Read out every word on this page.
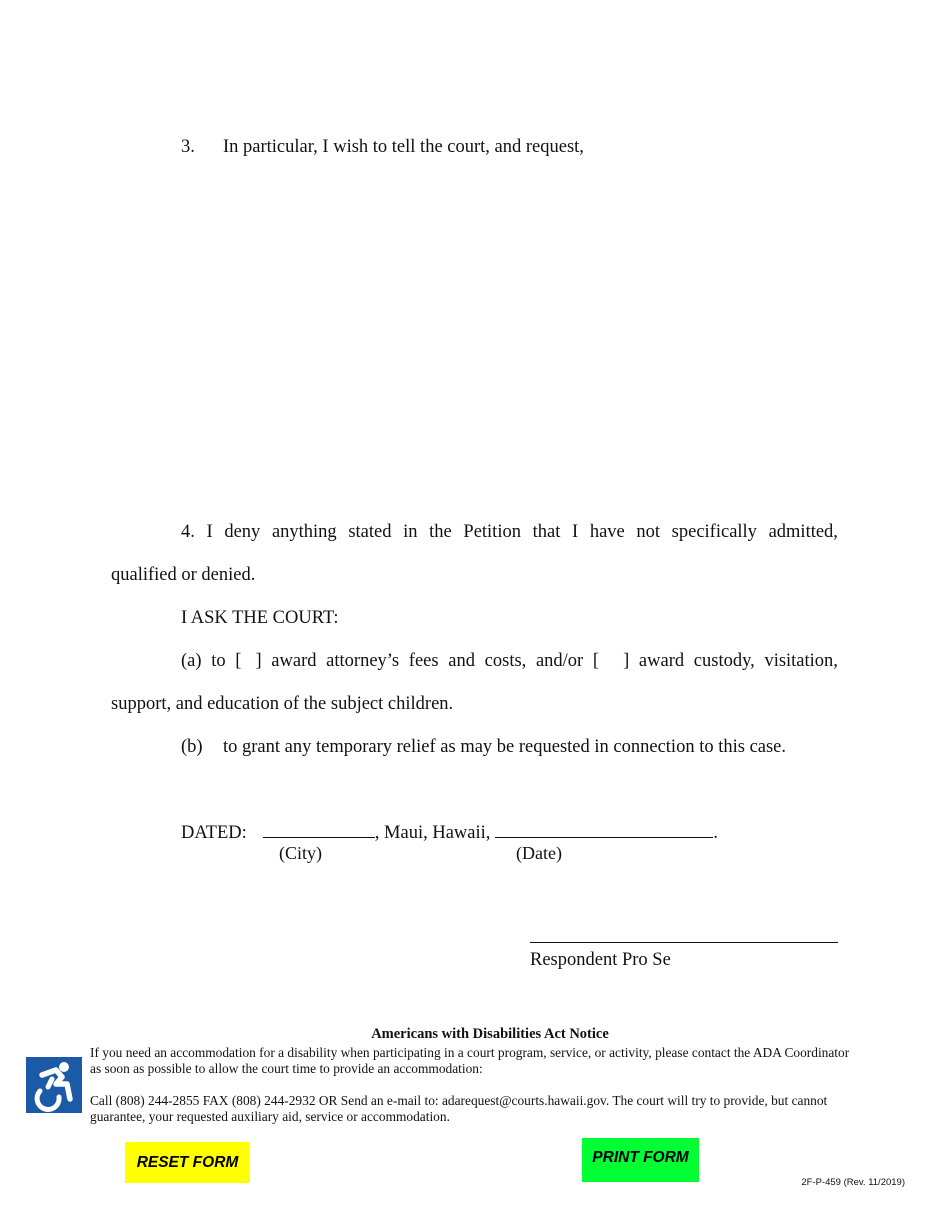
3. In particular, I wish to tell the court, and request,
4. I deny anything stated in the Petition that I have not specifically admitted,
qualified or denied.
I ASK THE COURT:
(a) to [ ] award attorney’s fees and costs, and/or [ ] award custody, visitation,
support, and education of the subject children.
(b) to grant any temporary relief as may be requested in connection to this case.
DATED:	, Maui, Hawaii,	.
(City)	(Date)
Respondent Pro Se
Americans with Disabilities Act Notice
If you need an accommodation for a disability when participating in a court program, service, or activity, please contact the ADA Coordinator
as soon as possible to allow the court time to provide an accommodation:
Call (808) 244-2855 FAX (808) 244-2932 OR Send an e-mail to: adarequest@courts.hawaii.gov. The court will try to provide, but cannot
guarantee, your requested auxiliary aid, service or accommodation.
RESET FORM	PRINT FORM
2F-P-459 (Rev. 11/2019)
